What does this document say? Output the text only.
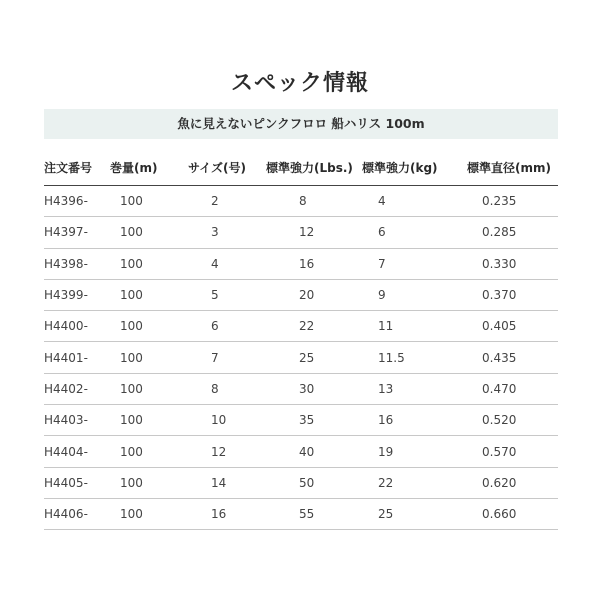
スペック情報
魚に見えないピンクフロロ 船ハリス 100m
注文番号	巻量(m)	サイズ(号)	標準強力(Lbs.)	標準強力(kg)	標準直径(mm)
H4396-	100	2	8	4	0.235
H4397-	100	3	12	6	0.285
H4398-	100	4	16	7	0.330
H4399-	100	5	20	9	0.370
H4400-	100	6	22	11	0.405
H4401-	100	7	25	11.5	0.435
H4402-	100	8	30	13	0.470
H4403-	100	10	35	16	0.520
H4404-	100	12	40	19	0.570
H4405-	100	14	50	22	0.620
H4406-	100	16	55	25	0.660
